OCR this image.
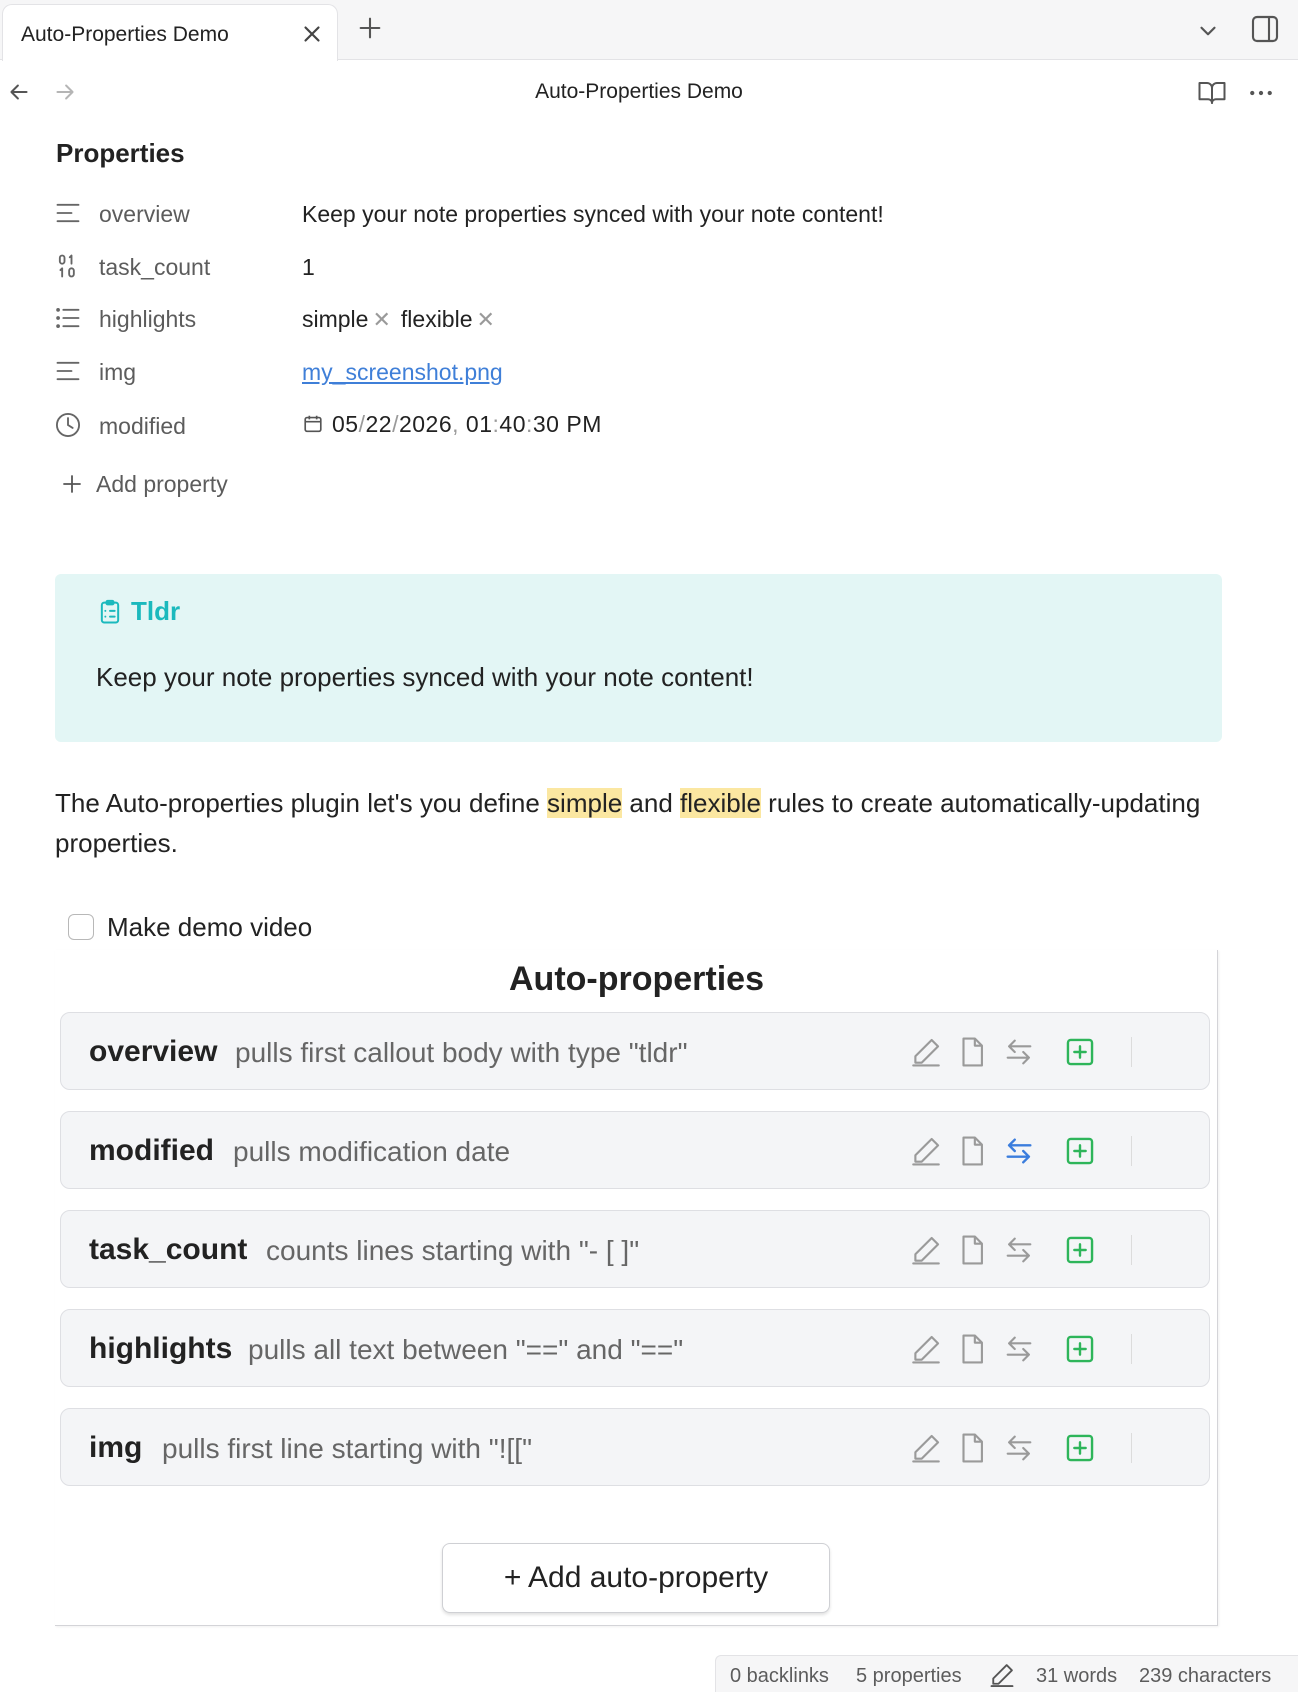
Auto-Properties Demo
Auto-Properties Demo
Properties
overview	Keep your note properties synced with your note content!
task_count	1
highlights	simple ✕ flexible ✕
img	my_screenshot.png
modified	05/22/2026, 01:40:30 PM
Add property
Tldr
Keep your note properties synced with your note content!
The Auto-properties plugin let's you define simple and flexible rules to create automatically-updating properties.
Make demo video
Auto-properties
overview pulls first callout body with type "tldr"
modified pulls modification date
task_count counts lines starting with "- [ ]"
highlights pulls all text between "==" and "=="
img pulls first line starting with "![["
+ Add auto-property
0 backlinks 5 properties	31 words 239 characters
